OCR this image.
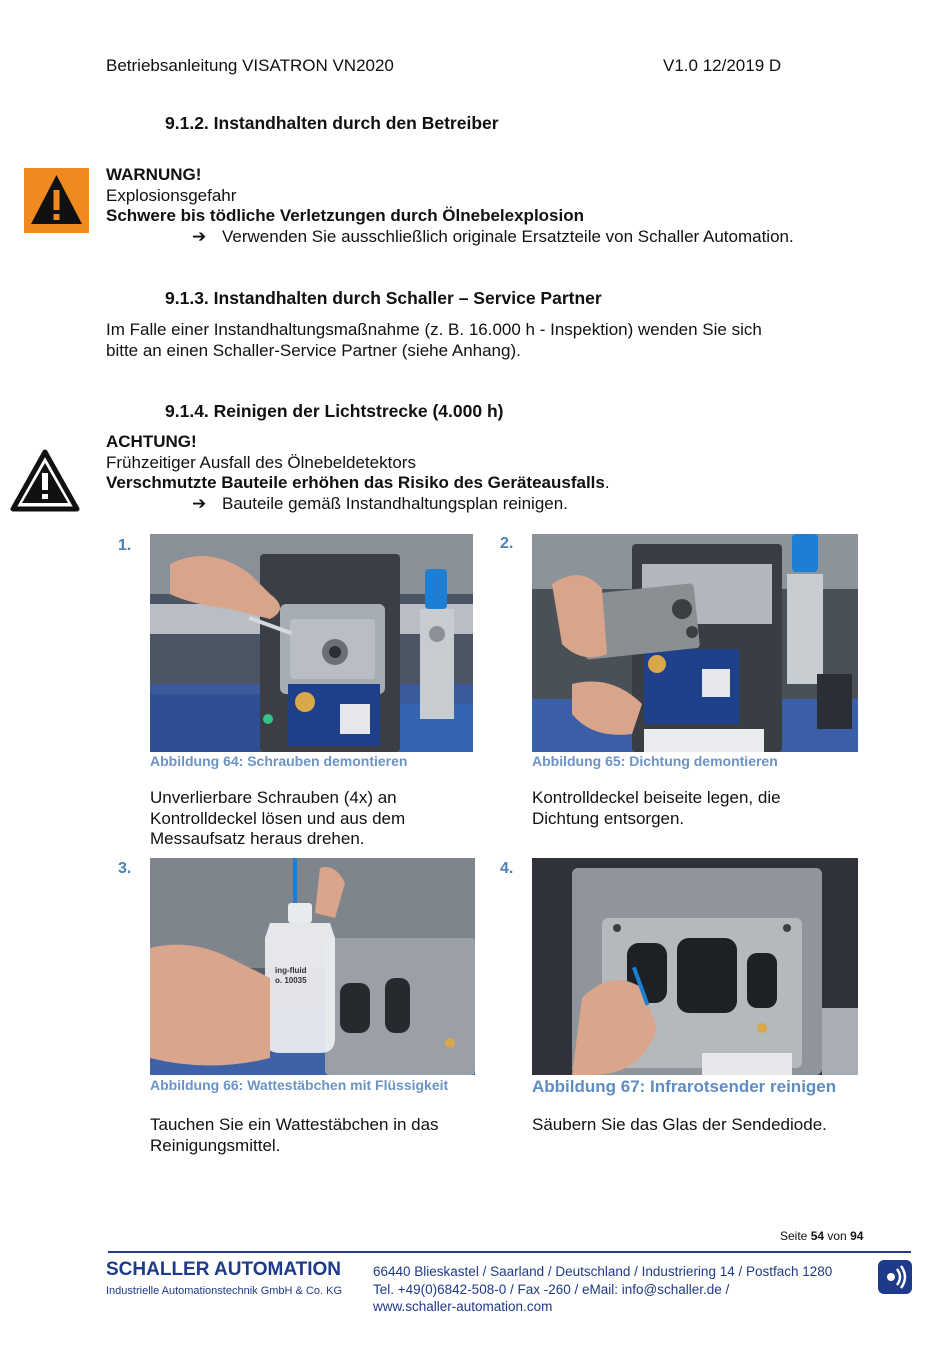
Betriebsanleitung VISATRON VN2020	V1.0 12/2019 D
9.1.2. Instandhalten durch den Betreiber
WARNUNG!
Explosionsgefahr
Schwere bis tödliche Verletzungen durch Ölnebelexplosion
➔ Verwenden Sie ausschließlich originale Ersatzteile von Schaller Automation.
9.1.3. Instandhalten durch Schaller – Service Partner
Im Falle einer Instandhaltungsmaßnahme (z. B. 16.000 h - Inspektion) wenden Sie sich
bitte an einen Schaller-Service Partner (siehe Anhang).
9.1.4. Reinigen der Lichtstrecke (4.000 h)
ACHTUNG!
Frühzeitiger Ausfall des Ölnebeldetektors
Verschmutzte Bauteile erhöhen das Risiko des Geräteausfalls.
➔ Bauteile gemäß Instandhaltungsplan reinigen.
1.
Abbildung 64: Schrauben demontieren
Unverlierbare Schrauben (4x) an
Kontrolldeckel lösen und aus dem
Messaufsatz heraus drehen.
2.
Abbildung 65: Dichtung demontieren
Kontrolldeckel beiseite legen, die
Dichtung entsorgen.
3.
ing-fluid
o. 10035
Abbildung 66: Wattestäbchen mit Flüssigkeit
Tauchen Sie ein Wattestäbchen in das
Reinigungsmittel.
4.
Abbildung 67: Infrarotsender reinigen
Säubern Sie das Glas der Sendediode.
Seite 54 von 94
SCHALLER AUTOMATION
Industrielle Automationstechnik GmbH & Co. KG
66440 Blieskastel / Saarland / Deutschland / Industriering 14 / Postfach 1280
Tel. +49(0)6842-508-0 / Fax -260 / eMail: info@schaller.de /
www.schaller-automation.com
